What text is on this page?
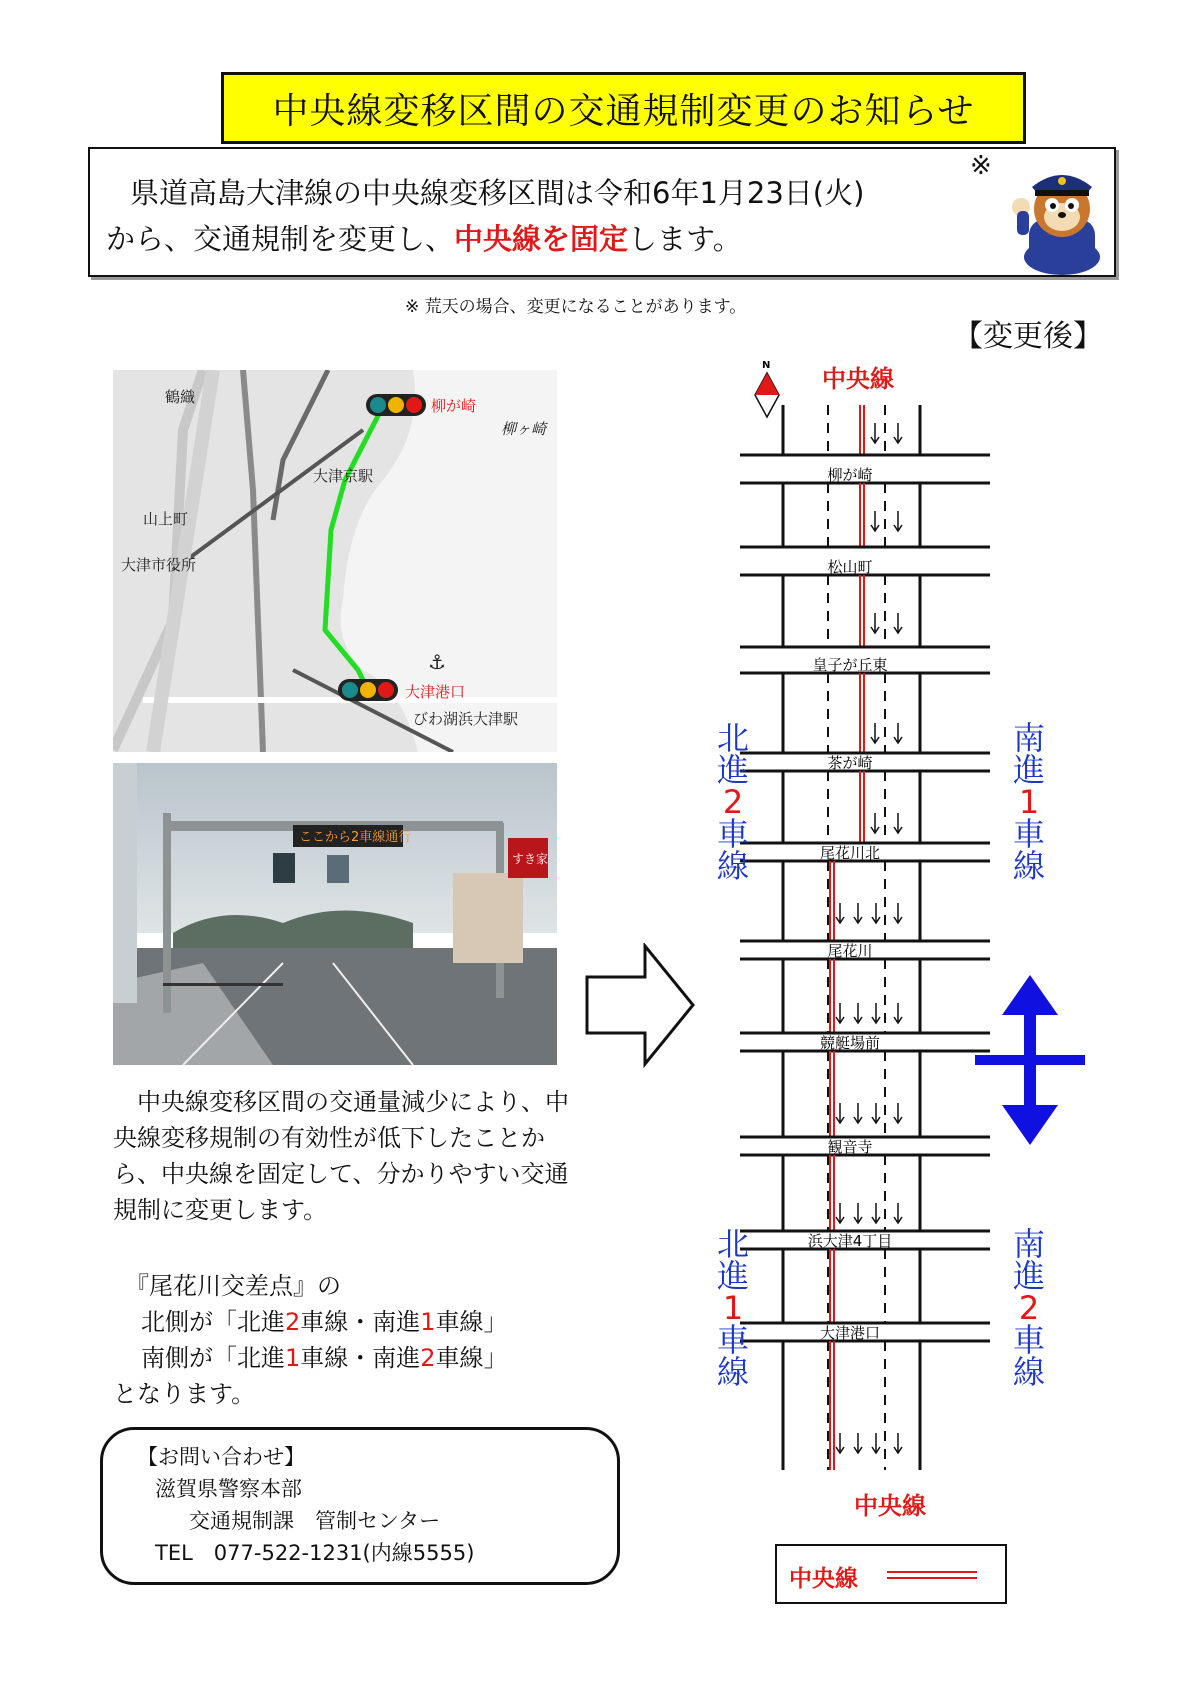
中央線変移区間の交通規制変更のお知らせ
県道高島大津線の中央線変移区間は令和6年1月23日(火)
※
から、交通規制を変更し、中央線を固定します。
※ 荒天の場合、変更になることがあります。
【変更後】
⚓
鶴織	柳が崎
柳ヶ崎
大津京駅
山上町
大津市役所
大津港口
びわ湖浜大津駅
ここから2車線通行
すき家

　中央線変移区間の交通量減少により、中央線変移規制の有効性が低下したことから、中央線を固定して、分かりやすい交通規制に変更します。

『尾花川交差点』の
北側が「北進2車線・南進1車線」
南側が「北進1車線・南進2車線」
となります。
【お問い合わせ】
滋賀県警察本部
交通規制課　管制センター
TEL　077-522-1231(内線5555)
N 中央線
中央線
柳が崎
松山町
皇子が丘東
茶が崎
尾花川北
尾花川
競艇場前
観音寺
浜大津4丁目
大津港口
北
進
2
車
線
南
進
1
車
線
北
進
1
車
線
南
進
2
車
線
中央線
